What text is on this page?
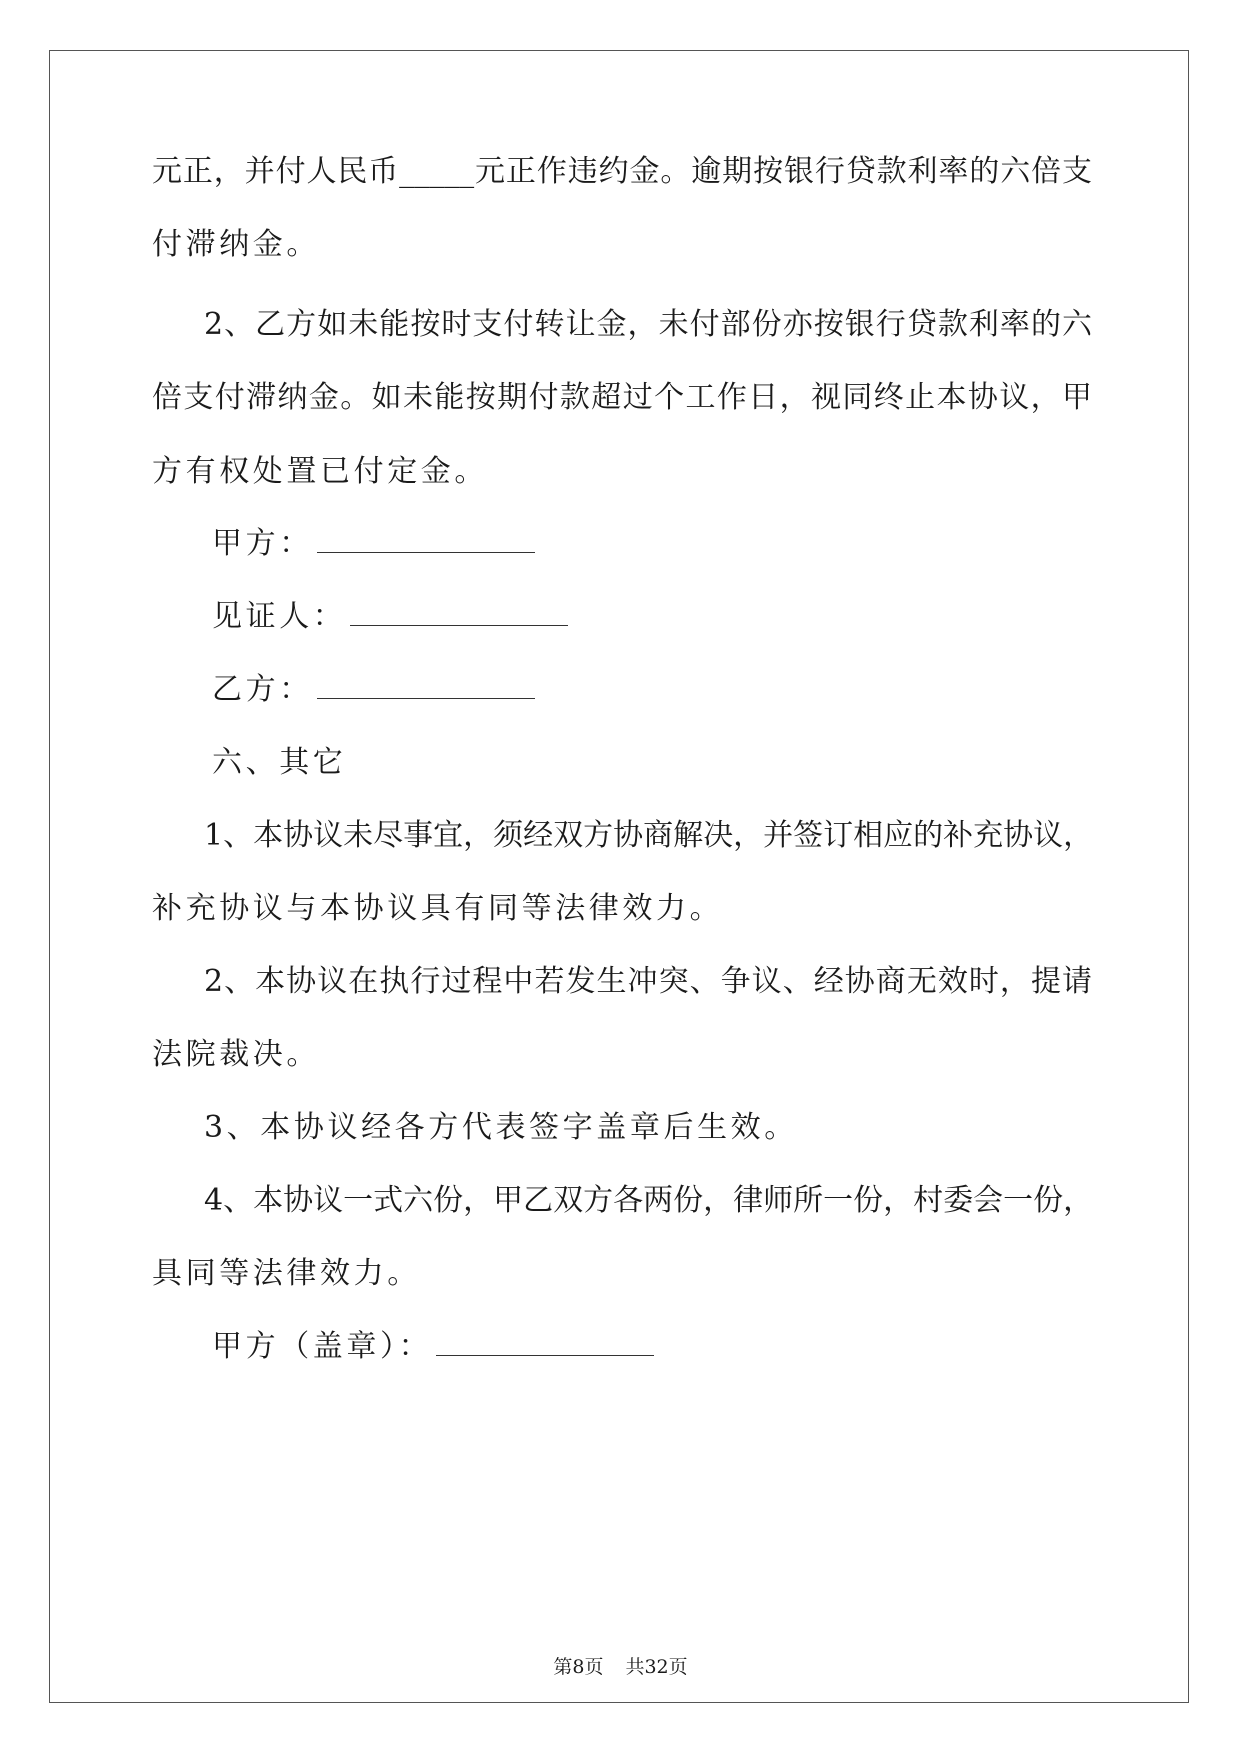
元正，并付人民币_____元正作违约金。逾期按银行贷款利率的六倍支
付滞纳金。
2、乙方如未能按时支付转让金，未付部份亦按银行贷款利率的六
倍支付滞纳金。如未能按期付款超过个工作日，视同终止本协议，甲
方有权处置已付定金。
甲方：
见证人：
乙方：
六、其它
1、本协议未尽事宜，须经双方协商解决，并签订相应的补充协议，
补充协议与本协议具有同等法律效力。
2、本协议在执行过程中若发生冲突、争议、经协商无效时，提请
法院裁决。
3、本协议经各方代表签字盖章后生效。
4、本协议一式六份，甲乙双方各两份，律师所一份，村委会一份，
具同等法律效力。
甲方（盖章）：
第8页 共32页
